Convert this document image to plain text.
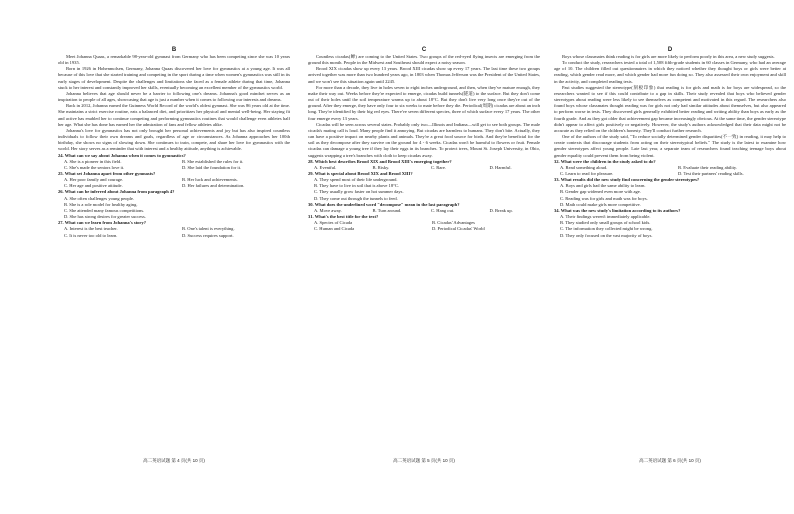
B

Meet Johanna Quaas, a remarkable 98-year-old gymnast from Germany who has been competing since she was 10 years old in 1935.

Born in 1926 in Hohenmolsen, Germany, Johanna Quaas discovered her love for gymnastics at a young age. It was all because of this love that she started training and competing in the sport during a time when women's gymnastics was still in its early stages of development. Despite the challenges and limitations she faced as a female athlete during that time, Johanna stuck to her interest and constantly improved her skills, eventually becoming an excellent member of the gymnastics world.

Johanna believes that age should never be a barrier to following one's dreams. Johanna's good mindset serves as an inspiration to people of all ages, showcasing that age is just a number when it comes to following our interests and dreams.

Back in 2012, Johanna earned the Guinness World Record of the world's oldest gymnast. She was 86 years old at the time. She maintains a strict exercise routine, eats a balanced diet, and prioritizes her physical and mental well-being. Her staying fit and active has enabled her to continue competing and performing gymnastics routines that would challenge even athletes half her age. What she has done has earned her the admiration of fans and fellow athletes alike.

Johanna's love for gymnastics has not only brought her personal achievements and joy but has also inspired countless individuals to follow their own dreams and goals, regardless of age or circumstances. As Johanna approaches her 100th birthday, she shows no signs of slowing down. She continues to train, compete, and share her love for gymnastics with the world. Her story serves as a reminder that with interest and a healthy attitude, anything is achievable.

24. What can we say about Johanna when it comes to gymnastics?
A. She is a pioneer in this field.	B. She established the rules for it.
C. She's made the seniors love it.	D. She laid the foundation for it.
25. What set Johanna apart from other gymnasts?
A. Her poor family and courage.	B. Her luck and achievements.
C. Her age and positive attitude.	D. Her failures and determination.
26. What can be inferred about Johanna from paragraph 4?
A. She often challenges young people.
B. She is a role model for healthy aging.
C. She attended many famous competitions.
D. She has strong desires for greater success.
27. What can we learn from Johanna's story?
A. Interest is the best teacher.	B. One's talent is everything.
C. It is never too old to learn.	D. Success requires support.
C

Countless cicadas(蝉) are coming to the United States. Two groups of the red-eyed flying insects are emerging from the ground this month. People in the Midwest and Southeast should expect a noisy season.

Brood XIX cicadas show up every 13 years. Brood XIII cicadas show up every 17 years. The last time these two groups arrived together was more than two hundred years ago, in 1803 when Thomas Jefferson was the President of the United States, and we won't see this situation again until 2245.

For more than a decade, they live in holes seven to eight inches underground, and then, when they've mature enough, they make their way out. Weeks before they're expected to emerge, cicadas build tunnels(隧道) to the surface. But they don't come out of their holes until the soil temperature warms up to about 18°C. But they don't live very long once they're out of the ground. After they emerge, they have only four to six weeks to mate before they die. Periodical(周期) cicadas are about an inch long. They're identified by their big red eyes. There've seven different species, three of which surface every 17 years. The other four emerge every 13 years.

Cicadas will be seen across several states. Probably only two—Illinois and Indiana—will get to see both groups. The male cicada's mating call is loud. Many people find it annoying. But cicadas are harmless to humans. They don't bite. Actually, they can have a positive impact on nearby plants and animals. They're a great food source for birds. And they're beneficial for the soil as they decompose after they survive on the ground for 4 - 6 weeks. Cicadas won't be harmful to flowers or fruit. Female cicadas can damage a young tree if they lay their eggs in its branches. To protect trees, Mount St. Joseph University, in Ohio, suggests wrapping a tree's branches with cloth to keep cicadas away.

28. Which best describes Brood XIX and Brood XIII's emerging together?
A. Eventful.	B. Risky.	C. Rare.	D. Harmful.
29. What is special about Brood XIX and Brood XIII?
A. They spend most of their life underground.
B. They have to live in soil that is above 18°C.
C. They usually grow faster on hot summer days.
D. They come out through the tunnels to feed.
30. What does the underlined word "decompose" mean in the last paragraph?
A. Move away.	B. Turn around.	C. Hang out.	D. Break up.
31. What's the best title for the text?
A. Species of Cicada	B. Cicadas' Advantages
C. Human and Cicada	D. Periodical Cicadas' World
D

Boys whose classmates think reading is for girls are more likely to perform poorly in this area, a new study suggests.

To conduct the study, researchers tested a total of 1,508 fifth-grade students in 60 classes in Germany, who had an average age of 10. The children filled out questionnaires in which they noticed whether they thought boys or girls were better at reading, which gender read more, and which gender had more fun doing so. They also assessed their own enjoyment and skill in the activity, and completed reading tests.

Past studies suggested the stereotype(刻板印象) that reading is for girls and math is for boys are widespread, so the researchers wanted to see if this could contribute to a gap in skills. Their study revealed that boys who believed gender stereotypes about reading were less likely to see themselves as competent and motivated in this regard. The researchers also found boys whose classmates thought reading was for girls not only had similar attitudes about themselves, but also appeared to perform worse in tests. They discovered girls generally exhibited better reading and writing ability than boys as early as the fourth grade. And as they got older that achievement gap became increasingly obvious. At the same time, the gender stereotype didn't appear to affect girls positively or negatively. However, the study's authors acknowledged that their data might not be accurate as they relied on the children's honesty. They'll conduct further research.

One of the authors of the study said, "To reduce socially determined gender disparities(不一致) in reading, it may help to create contexts that discourage students from acting on their stereotypical beliefs." The study is the latest to examine how gender stereotypes affect young people. Late last year, a separate team of researchers found teaching teenage boys about gender equality could prevent them from being violent.

32. What were the children in the study asked to do?
A. Read something aloud.	B. Evaluate their reading ability.
C. Learn to read for pleasure.	D. Test their partners' reading skills.
33. What results did the new study find concerning the gender stereotypes?
A. Boys and girls had the same ability to learn.
B. Gender gap widened even more with age.
C. Reading was for girls and math was for boys.
D. Math could make girls more competitive.
34. What was the new study's limitation according to its authors?
A. Their findings weren't immediately applicable.
B. They studied only small groups of school kids.
C. The information they collected might be wrong.
D. They only focused on the vast majority of boys.
高二英语试题 第 4 页(共 10 页)	高二英语试题 第 5 页(共 10 页)	高二英语试题 第 6 页(共 10 页)
